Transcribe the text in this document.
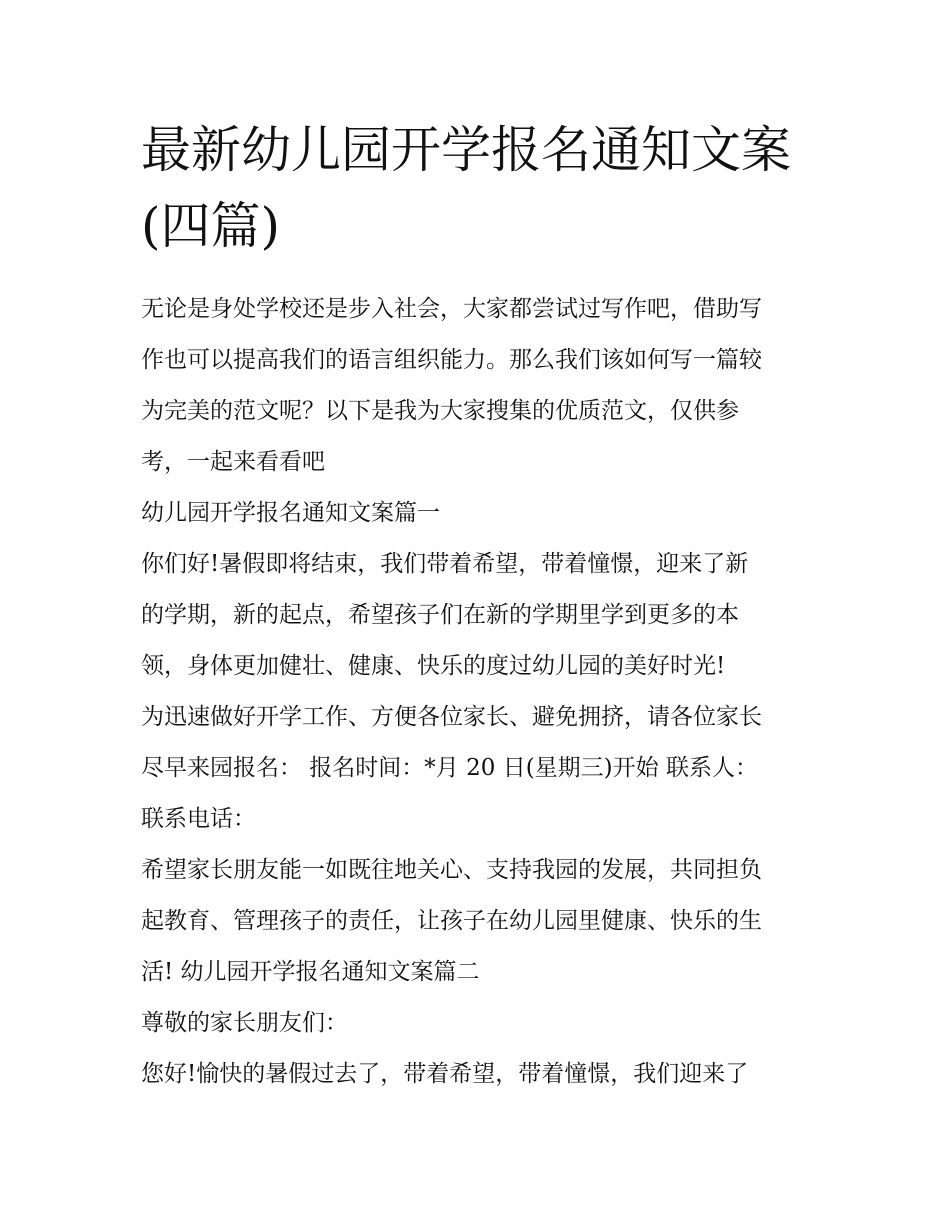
最新幼儿园开学报名通知文案
(四篇)

无论是身处学校还是步入社会，大家都尝试过写作吧，借助写

作也可以提高我们的语言组织能力。那么我们该如何写一篇较

为完美的范文呢？以下是我为大家搜集的优质范文，仅供参

考，一起来看看吧

幼儿园开学报名通知文案篇一

你们好!暑假即将结束，我们带着希望，带着憧憬，迎来了新

的学期，新的起点，希望孩子们在新的学期里学到更多的本

领，身体更加健壮、健康、快乐的度过幼儿园的美好时光!

为迅速做好开学工作、方便各位家长、避免拥挤，请各位家长

尽早来园报名： 报名时间：*月 20 日(星期三)开始 联系人：

联系电话：

希望家长朋友能一如既往地关心、支持我园的发展，共同担负

起教育、管理孩子的责任，让孩子在幼儿园里健康、快乐的生

活! 幼儿园开学报名通知文案篇二

尊敬的家长朋友们：

您好!愉快的暑假过去了，带着希望，带着憧憬，我们迎来了
